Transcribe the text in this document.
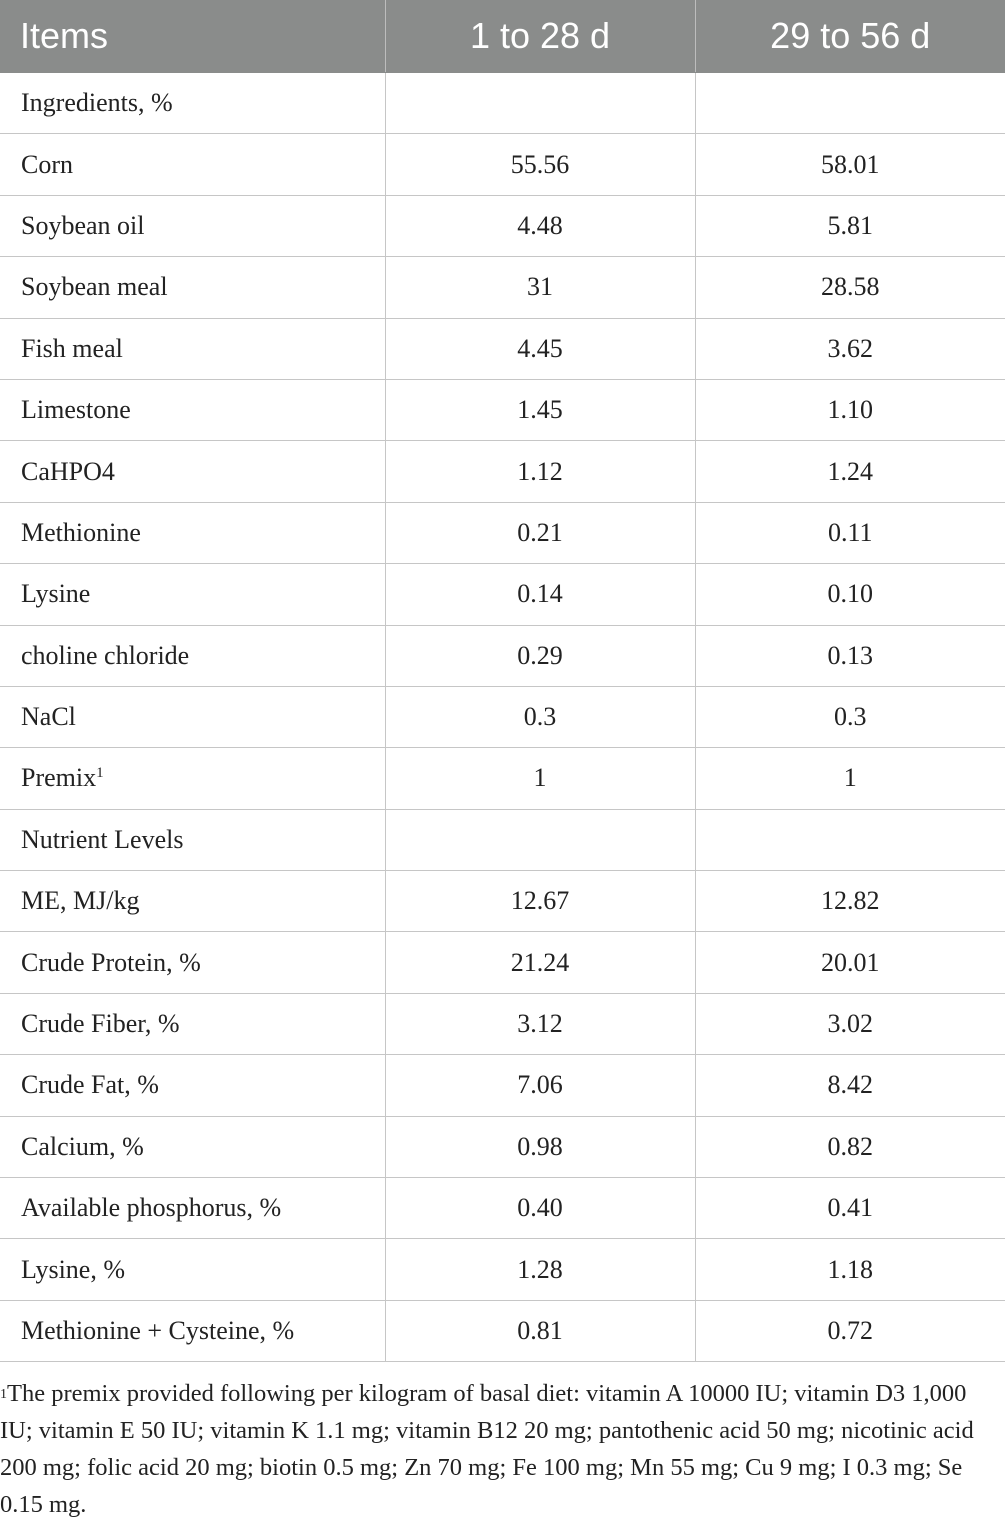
Items	1 to 28 d	29 to 56 d
Ingredients, %		
Corn	55.56	58.01
Soybean oil	4.48	5.81
Soybean meal	31	28.58
Fish meal	4.45	3.62
Limestone	1.45	1.10
CaHPO4	1.12	1.24
Methionine	0.21	0.11
Lysine	0.14	0.10
choline chloride	0.29	0.13
NaCl	0.3	0.3
Premix$^1$	1	1
Nutrient Levels		
ME, MJ/kg	12.67	12.82
Crude Protein, %	21.24	20.01
Crude Fiber, %	3.12	3.02
Crude Fat, %	7.06	8.42
Calcium, %	0.98	0.82
Available phosphorus, %	0.40	0.41
Lysine, %	1.28	1.18
Methionine + Cysteine, %	0.81	0.72
$^1$The premix provided following per kilogram of basal diet: vitamin A 10000 IU; vitamin D3 1,000 IU; vitamin E 50 IU; vitamin K 1.1 mg; vitamin B12 20 mg; pantothenic acid 50 mg; nicotinic acid 200 mg; folic acid 20 mg; biotin 0.5 mg; Zn 70 mg; Fe 100 mg; Mn 55 mg; Cu 9 mg; I 0.3 mg; Se 0.15 mg.
